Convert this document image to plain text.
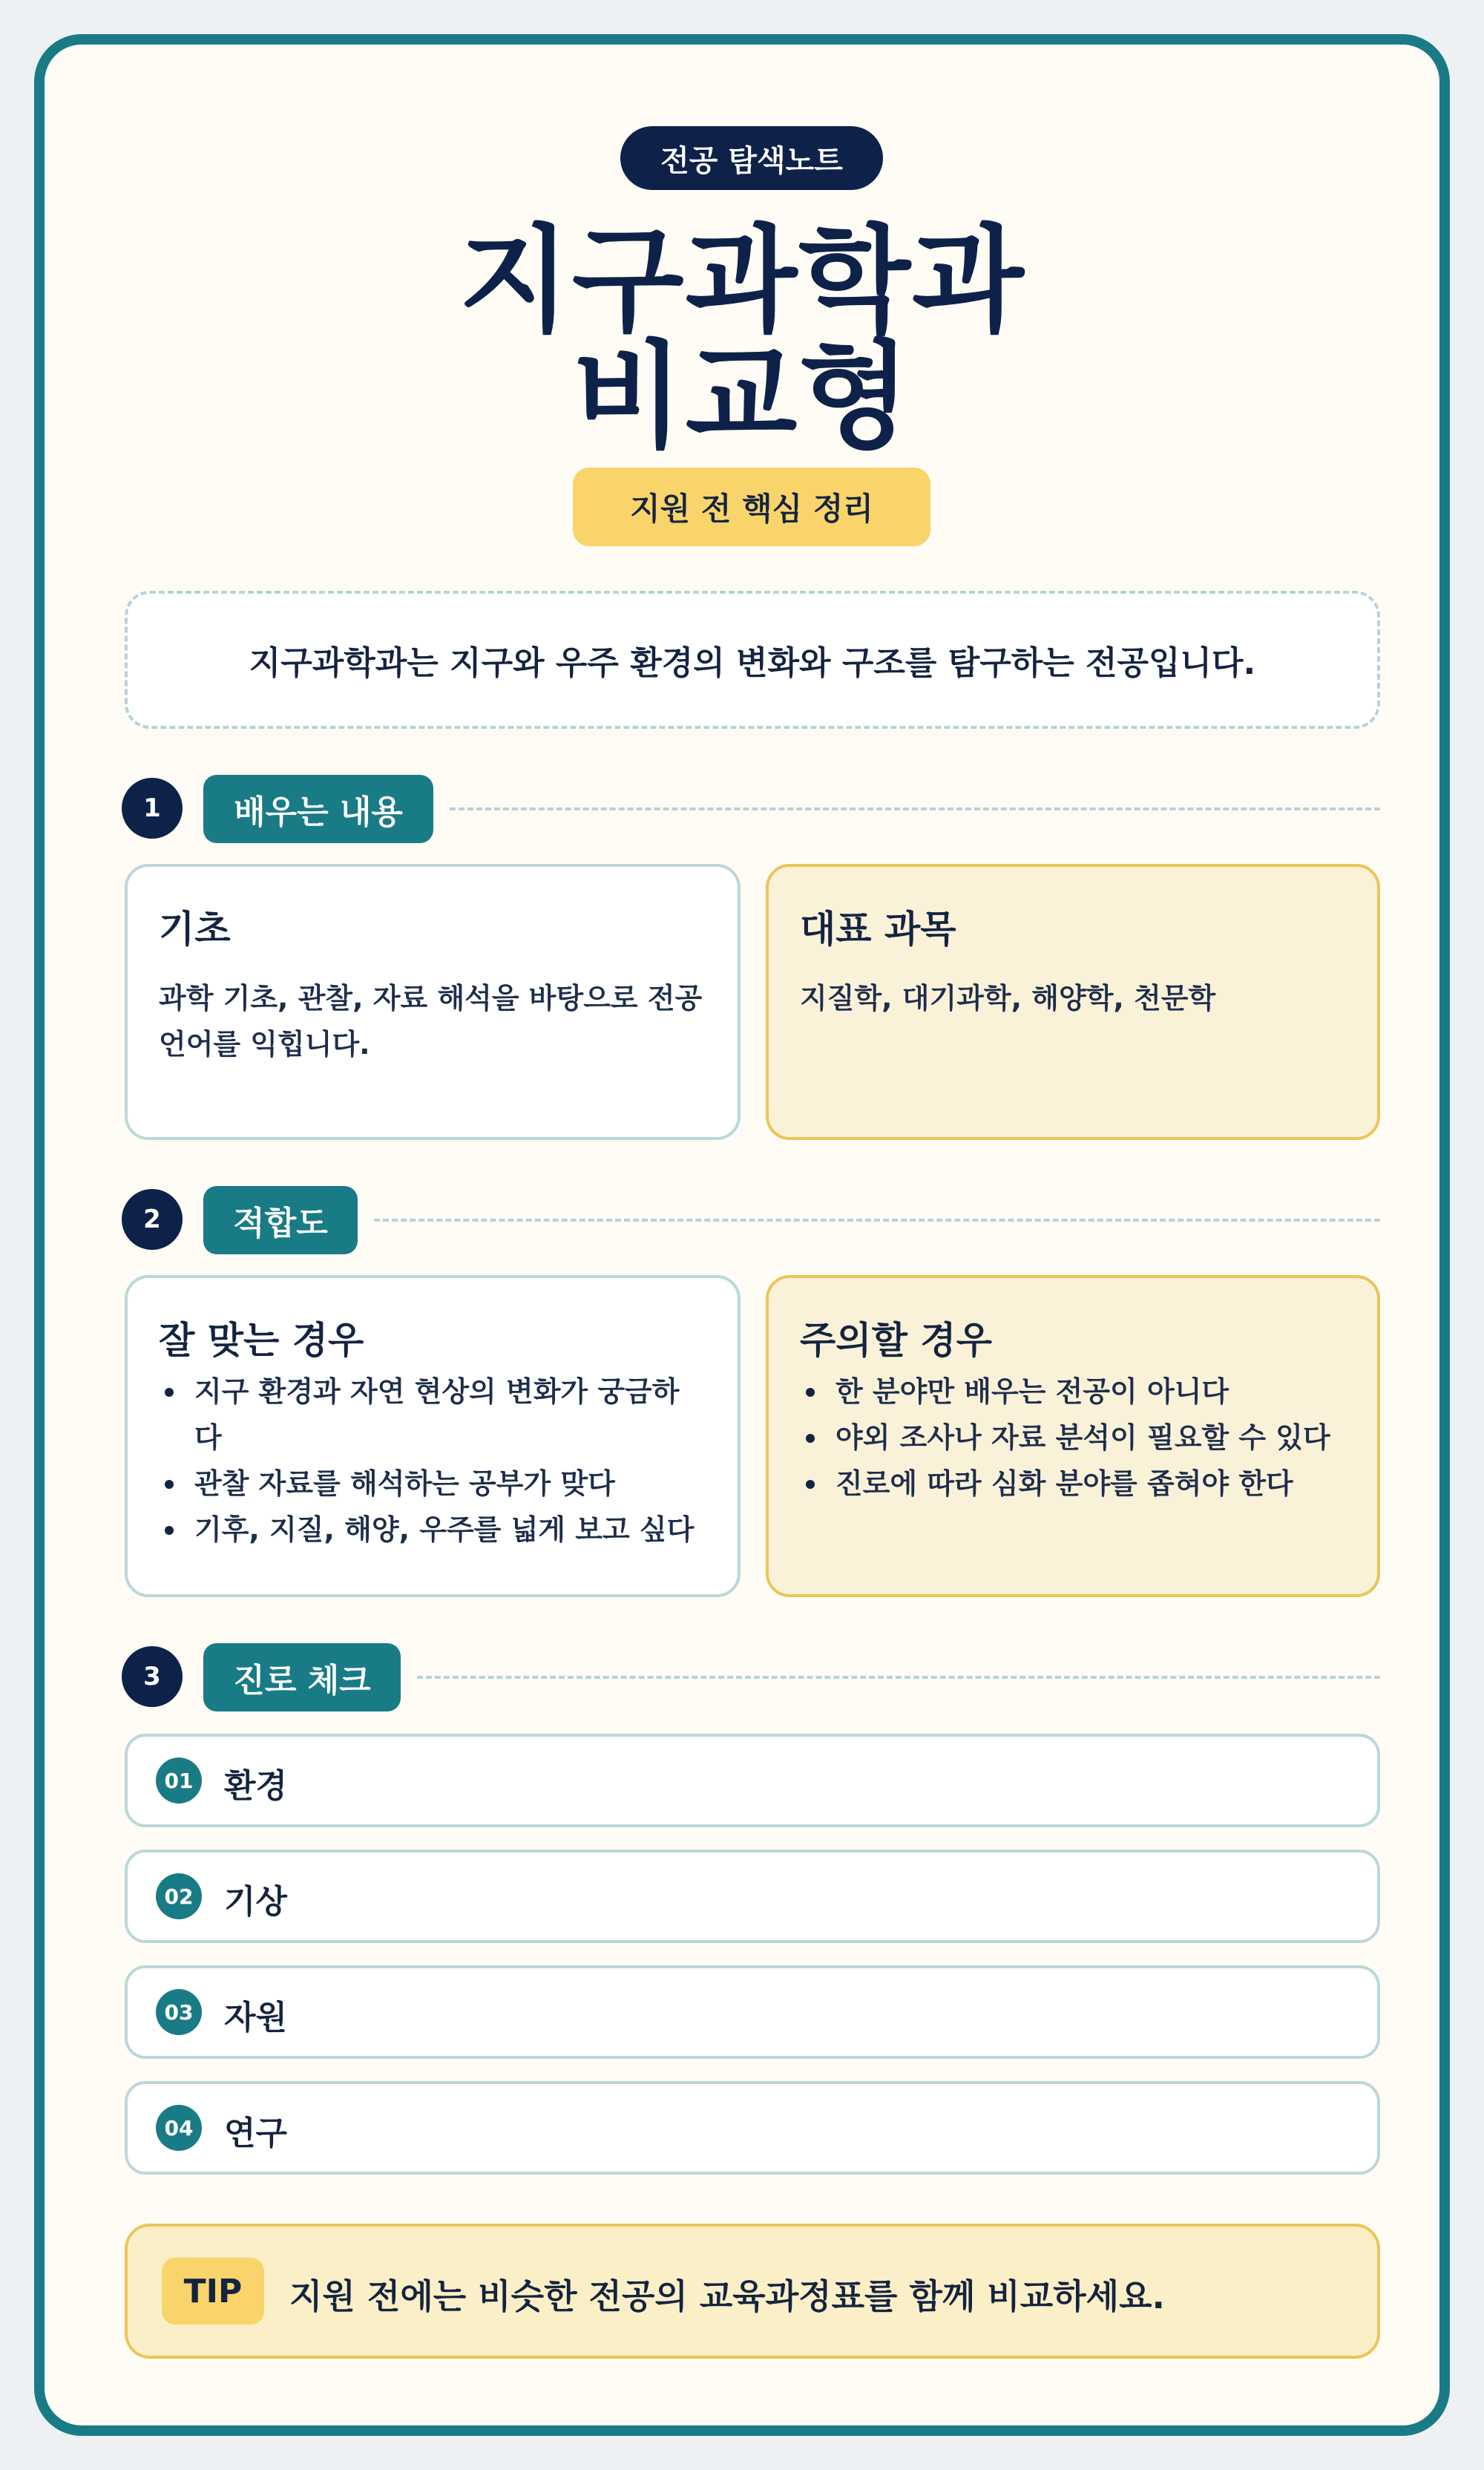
전공 탐색노트
지구과학과
비교형
지원 전 핵심 정리
지구과학과는 지구와 우주 환경의 변화와 구조를 탐구하는 전공입니다.
1	배우는 내용
기초
과학 기초, 관찰, 자료 해석을 바탕으로 전공
언어를 익힙니다.
대표 과목
지질학, 대기과학, 해양학, 천문학
2	적합도
잘 맞는 경우
지구 환경과 자연 현상의 변화가 궁금하
다
관찰 자료를 해석하는 공부가 맞다
기후, 지질, 해양, 우주를 넓게 보고 싶다
주의할 경우
한 분야만 배우는 전공이 아니다
야외 조사나 자료 분석이 필요할 수 있다
진로에 따라 심화 분야를 좁혀야 한다
3	진로 체크
01 환경
02 기상
03 자원
04 연구
TIP	지원 전에는 비슷한 전공의 교육과정표를 함께 비교하세요.
